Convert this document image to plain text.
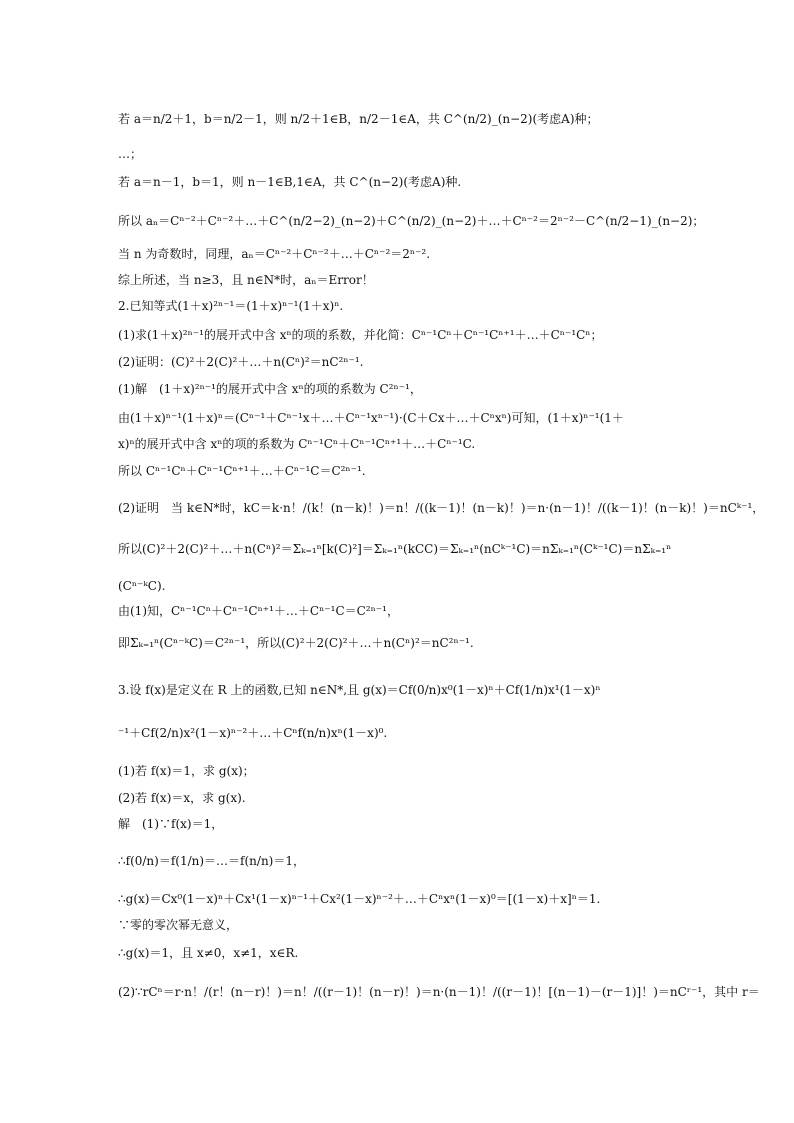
若 a＝n/2＋1，b＝n/2－1，则 n/2＋1∈B，n/2－1∈A，共 C^(n/2)_(n−2)(考虑A)种；
…；
若 a＝n－1，b＝1，则 n－1∈B,1∈A，共 C^(n−2)(考虑A)种.
所以 aₙ＝Cⁿ⁻²＋Cⁿ⁻²＋…＋C^(n/2−2)_(n−2)＋C^(n/2)_(n−2)＋…＋Cⁿ⁻²＝2ⁿ⁻²－C^(n/2−1)_(n−2)；
当 n 为奇数时，同理，aₙ＝Cⁿ⁻²＋Cⁿ⁻²＋…＋Cⁿ⁻²＝2ⁿ⁻².
综上所述，当 n≥3，且 n∈N*时，aₙ＝Error！
2.已知等式(1＋x)²ⁿ⁻¹＝(1＋x)ⁿ⁻¹(1＋x)ⁿ.
(1)求(1＋x)²ⁿ⁻¹的展开式中含 xⁿ的项的系数，并化简：Cⁿ⁻¹Cⁿ＋Cⁿ⁻¹Cⁿ⁺¹＋…＋Cⁿ⁻¹Cⁿ；
(2)证明：(C)²＋2(C)²＋…＋n(Cⁿ)²＝nC²ⁿ⁻¹.
(1)解　(1＋x)²ⁿ⁻¹的展开式中含 xⁿ的项的系数为 C²ⁿ⁻¹，
由(1＋x)ⁿ⁻¹(1＋x)ⁿ＝(Cⁿ⁻¹＋Cⁿ⁻¹x＋…＋Cⁿ⁻¹xⁿ⁻¹)·(C＋Cx＋…＋Cⁿxⁿ)可知，(1＋x)ⁿ⁻¹(1＋
x)ⁿ的展开式中含 xⁿ的项的系数为 Cⁿ⁻¹Cⁿ＋Cⁿ⁻¹Cⁿ⁺¹＋…＋Cⁿ⁻¹C.
所以 Cⁿ⁻¹Cⁿ＋Cⁿ⁻¹Cⁿ⁺¹＋…＋Cⁿ⁻¹C＝C²ⁿ⁻¹.
(2)证明　当 k∈N*时，kC＝k·n！/(k！(n－k)！)＝n！/((k－1)！(n－k)！)＝n·(n－1)！/((k－1)！(n－k)！)＝nCᵏ⁻¹，
所以(C)²＋2(C)²＋…＋n(Cⁿ)²＝Σₖ₌₁ⁿ[k(C)²]＝Σₖ₌₁ⁿ(kCC)＝Σₖ₌₁ⁿ(nCᵏ⁻¹C)＝nΣₖ₌₁ⁿ(Cᵏ⁻¹C)＝nΣₖ₌₁ⁿ
(Cⁿ⁻ᵏC).
由(1)知，Cⁿ⁻¹Cⁿ＋Cⁿ⁻¹Cⁿ⁺¹＋…＋Cⁿ⁻¹C＝C²ⁿ⁻¹，
即Σₖ₌₁ⁿ(Cⁿ⁻ᵏC)＝C²ⁿ⁻¹，所以(C)²＋2(C)²＋…＋n(Cⁿ)²＝nC²ⁿ⁻¹.
3.设 f(x)是定义在 R 上的函数,已知 n∈N*,且 g(x)＝Cf(0/n)x⁰(1－x)ⁿ＋Cf(1/n)x¹(1－x)ⁿ
⁻¹＋Cf(2/n)x²(1－x)ⁿ⁻²＋…＋Cⁿf(n/n)xⁿ(1－x)⁰.
(1)若 f(x)＝1，求 g(x)；
(2)若 f(x)＝x，求 g(x).
解　(1)∵f(x)＝1，
∴f(0/n)＝f(1/n)＝…＝f(n/n)＝1，
∴g(x)＝Cx⁰(1－x)ⁿ＋Cx¹(1－x)ⁿ⁻¹＋Cx²(1－x)ⁿ⁻²＋…＋Cⁿxⁿ(1－x)⁰＝[(1－x)＋x]ⁿ＝1.
∵零的零次幂无意义，
∴g(x)＝1，且 x≠0，x≠1，x∈R.
(2)∵rCⁿ＝r·n！/(r！(n－r)！)＝n！/((r－1)！(n－r)！)＝n·(n－1)！/((r－1)！[(n－1)－(r－1)]！)＝nCʳ⁻¹，其中 r＝
